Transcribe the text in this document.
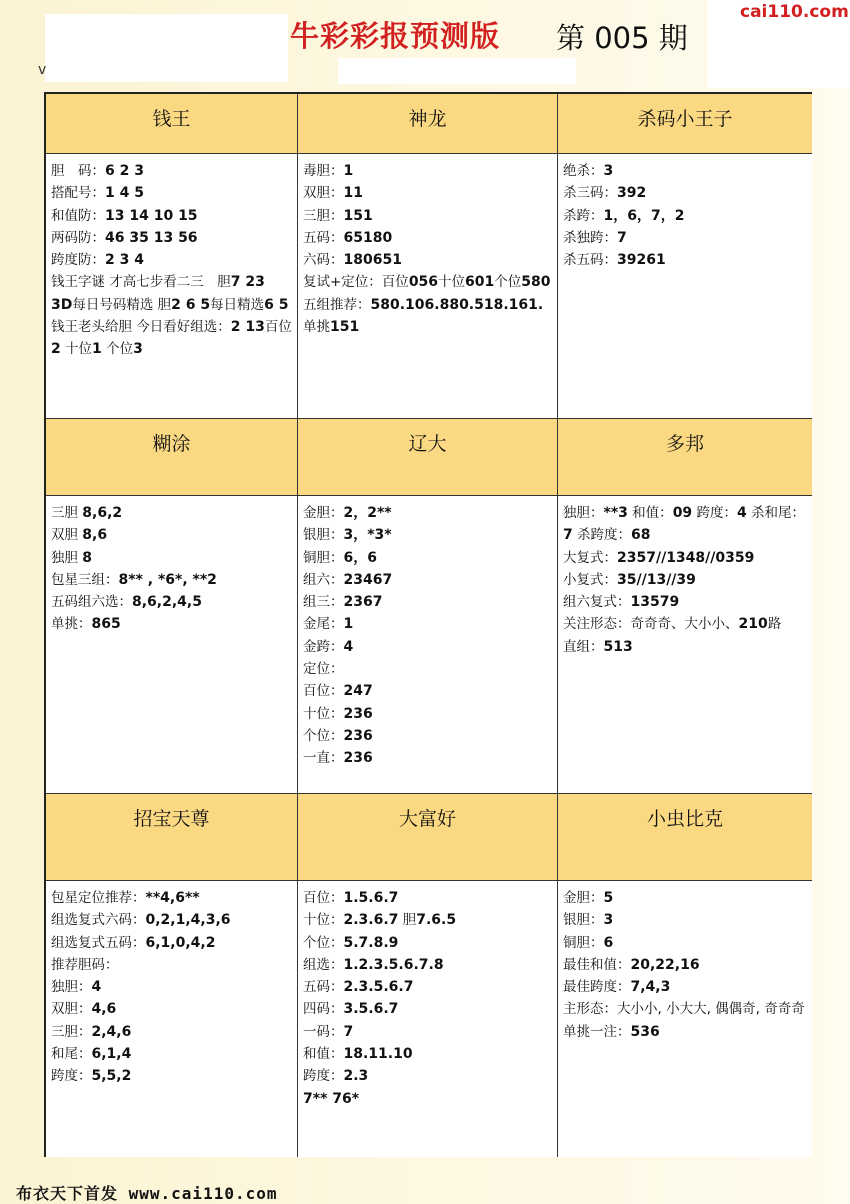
v
牛彩彩报预测版 第 005 期
cai110.com
钱王
胆　码：6 2 3
搭配号：1 4 5
和值防：13 14 10 15
两码防：46 35 13 56
跨度防：2 3 4
钱王字谜 才高七步看二三　胆7 23
3D每日号码精选 胆2 6 5每日精选6 5
钱王老头给胆 今日看好组选：2 13百位2 十位1 个位3
神龙
毒胆：1
双胆：11
三胆：151
五码：65180
六码：180651
复试+定位：百位056十位601个位580
五组推荐：580.106.880.518.161.
单挑151
杀码小王子
绝杀：3
杀三码：392
杀跨：1，6，7，2
杀独跨：7
杀五码：39261
糊涂
三胆 8,6,2
双胆 8,6
独胆 8
包星三组：8** , *6*, **2
五码组六选：8,6,2,4,5
单挑：865
辽大
金胆：2，2**
银胆：3，*3*
铜胆：6，6
组六：23467
组三：2367
金尾：1
金跨：4
定位：
百位：247
十位：236
个位：236
一直：236
多邦
独胆：**3 和值：09 跨度：4 杀和尾：7 杀跨度：68
大复式：2357//1348//0359
小复式：35//13//39
组六复式：13579
关注形态：奇奇奇、大小小、210路
直组：513
招宝天尊
包星定位推荐：**4,6**
组选复式六码：0,2,1,4,3,6
组选复式五码：6,1,0,4,2
推荐胆码：
独胆：4
双胆：4,6
三胆：2,4,6
和尾：6,1,4
跨度：5,5,2
大富好
百位：1.5.6.7
十位：2.3.6.7 胆7.6.5
个位：5.7.8.9
组选：1.2.3.5.6.7.8
五码：2.3.5.6.7
四码：3.5.6.7
一码：7
和值：18.11.10
跨度：2.3
7** 76*
小虫比克
金胆：5
银胆：3
铜胆：6
最佳和值：20,22,16
最佳跨度：7,4,3
主形态：大小小, 小大大, 偶偶奇, 奇奇奇
单挑一注：536
布衣天下首发 www.cai110.com
